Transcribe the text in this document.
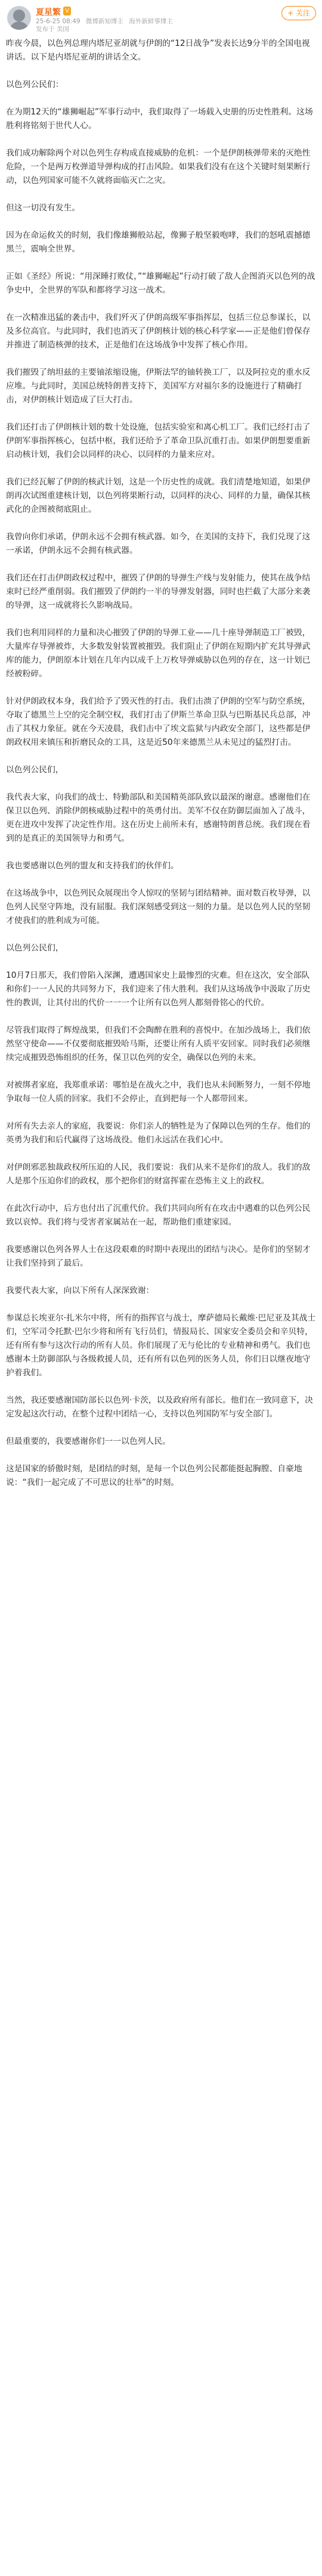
夏星繁 V
25-6-25 08:49 微博新知博主 海外新鲜事博主
发布于 美国
+ 关注

昨夜今晨，以色列总理内塔尼亚胡就与伊朗的“12日战争”发表长达9分半的全国电视讲话。以下是内塔尼亚胡的讲话全文。

以色列公民们：

在为期12天的“雄狮崛起”军事行动中，我们取得了一场载入史册的历史性胜利。这场胜利将铭刻于世代人心。

我们成功解除两个对以色列生存构成直接威胁的危机：一个是伊朗核弹带来的灭绝性危险，一个是两万枚弹道导弹构成的打击风险。如果我们没有在这个关键时刻果断行动，以色列国家可能不久就将面临灭亡之灾。

但这一切没有发生。

因为在命运攸关的时刻，我们像雄狮般站起，像狮子般坚毅咆哮，我们的怒吼震撼德黑兰，震响全世界。

正如《圣经》所说：“用深睡打败仗，”“雄狮崛起”行动打破了敌人企图消灭以色列的战争史中，全世界的军队和都将学习这一战术。

在一次精准迅猛的袭击中，我们歼灭了伊朗高级军事指挥层，包括三位总参谋长，以及多位高官。与此同时，我们也消灭了伊朗核计划的核心科学家——正是他们曾保存并推进了制造核弹的技术，正是他们在这场战争中发挥了核心作用。

我们摧毁了纳坦兹的主要铀浓缩设施，伊斯法罕的铀转换工厂，以及阿拉克的重水反应堆。与此同时，美国总统特朗普支持下，美国军方对福尔多的设施进行了精确打击，对伊朗核计划造成了巨大打击。

我们还打击了伊朗核计划的数十处设施，包括实验室和离心机工厂。我们已经打击了伊朗军事指挥核心，包括中枢，我们还给予了革命卫队沉重打击。如果伊朗想要重新启动核计划，我们会以同样的决心、以同样的力量来应对。

我们已经瓦解了伊朗的核武计划，这是一个历史性的成就。我们清楚地知道，如果伊朗再次试图重建核计划，以色列将果断行动，以同样的决心、同样的力量，确保其核武化的企图被彻底阻止。

我曾向你们承诺，伊朗永远不会拥有核武器。如今，在美国的支持下，我们兑现了这一承诺，伊朗永远不会拥有核武器。

我们还在打击伊朗政权过程中，摧毁了伊朗的导弹生产线与发射能力，使其在战争结束时已经严重削弱。我们摧毁了伊朗约一半的导弹发射器，同时也拦截了大部分来袭的导弹，这一成就将长久影响战局。

我们也利用同样的力量和决心摧毁了伊朗的导弹工业——几十座导弹制造工厂被毁，大量库存导弹被炸，大多数发射装置被摧毁。我们阻止了伊朗在短期内扩充其导弹武库的能力，伊朗原本计划在几年内以成千上万枚导弹威胁以色列的存在，这一计划已经被粉碎。

针对伊朗政权本身，我们给予了毁灭性的打击。我们击溃了伊朗的空军与防空系统，夺取了德黑兰上空的完全制空权，我们打击了伊斯兰革命卫队与巴斯基民兵总部，冲击了其权力象征。就在今天凌晨，我们击中了埃文监狱与内政安全部门，这些都是伊朗政权用来镇压和折磨民众的工具，这是近50年来德黑兰从未见过的猛烈打击。

以色列公民们，

我代表大家，向我们的战士、特勤部队和美国精英部队致以最深的谢意。感谢他们在保卫以色列、消除伊朗核威胁过程中的英勇付出。美军不仅在防御层面加入了战斗，更在进攻中发挥了决定性作用。这在历史上前所未有，感谢特朗普总统。我们现在看到的是真正的美国领导力和勇气。

我也要感谢以色列的盟友和支持我们的伙伴们。

在这场战争中，以色列民众展现出令人惊叹的坚韧与团结精神。面对数百枚导弹，以色列人民坚守阵地，没有屈服。我们深刻感受到这一刻的力量。是以色列人民的坚韧才使我们的胜利成为可能。

以色列公民们，

10月7日那天，我们曾陷入深渊，遭遇国家史上最惨烈的灾难。但在这次，安全部队和你们一一人民的共同努力下，我们迎来了伟大胜利。我们从这场战争中汲取了历史性的教训，让其付出的代价一一一个让所有以色列人都刻骨铭心的代价。

尽管我们取得了辉煌战果，但我们不会陶醉在胜利的喜悦中。在加沙战场上，我们依然坚守使命——不仅要彻底摧毁哈马斯，还要让所有人质平安回家。同时我们必须继续完成摧毁恐怖组织的任务，保卫以色列的安全，确保以色列的未来。

对被绑者家庭，我郑重承诺：哪怕是在战火之中，我们也从未间断努力，一刻不停地争取每一位人质的回家。我们不会停止，直到把每一个人都带回来。

对所有失去亲人的家庭，我要说：你们亲人的牺牲是为了保障以色列的生存。他们的英勇为我们和后代赢得了这场战役。他们永远活在我们心中。

对伊朗邪恶独裁政权所压迫的人民，我们要说：我们从来不是你们的敌人。我们的敌人是那个压迫你们的政权，那个把你们的财富挥霍在恐怖主义上的政权。

在此次行动中，后方也付出了沉重代价。我们共同向所有在攻击中遇难的以色列公民致以哀悼。我们将与受害者家属站在一起，帮助他们重建家园。

我要感谢以色列各界人士在这段艰难的时期中表现出的团结与决心。是你们的坚韧才让我们坚持到了最后。

我要代表大家，向以下所有人深深致谢：

参谋总长埃亚尔·扎米尔中将，所有的指挥官与战士，摩萨德局长戴维·巴尼亚及其战士们，空军司令托默·巴尔少将和所有飞行员们，情报局长、国家安全委员会和辛贝特，还有所有参与这次行动的所有人员。你们展现了无与伦比的专业精神和勇气。我们也感谢本土防御部队与各级救援人员，还有所有以色列的医务人员，你们日以继夜地守护着我们。

当然，我还要感谢国防部长以色列·卡茨，以及政府所有部长。他们在一致同意下，决定发起这次行动，在整个过程中团结一心，支持以色列国防军与安全部门。

但最重要的，我要感谢你们一一以色列人民。

这是国家的骄傲时刻，是团结的时刻，是每一个以色列公民都能挺起胸膛、自豪地说：“我们一起完成了不可思议的壮举”的时刻。
